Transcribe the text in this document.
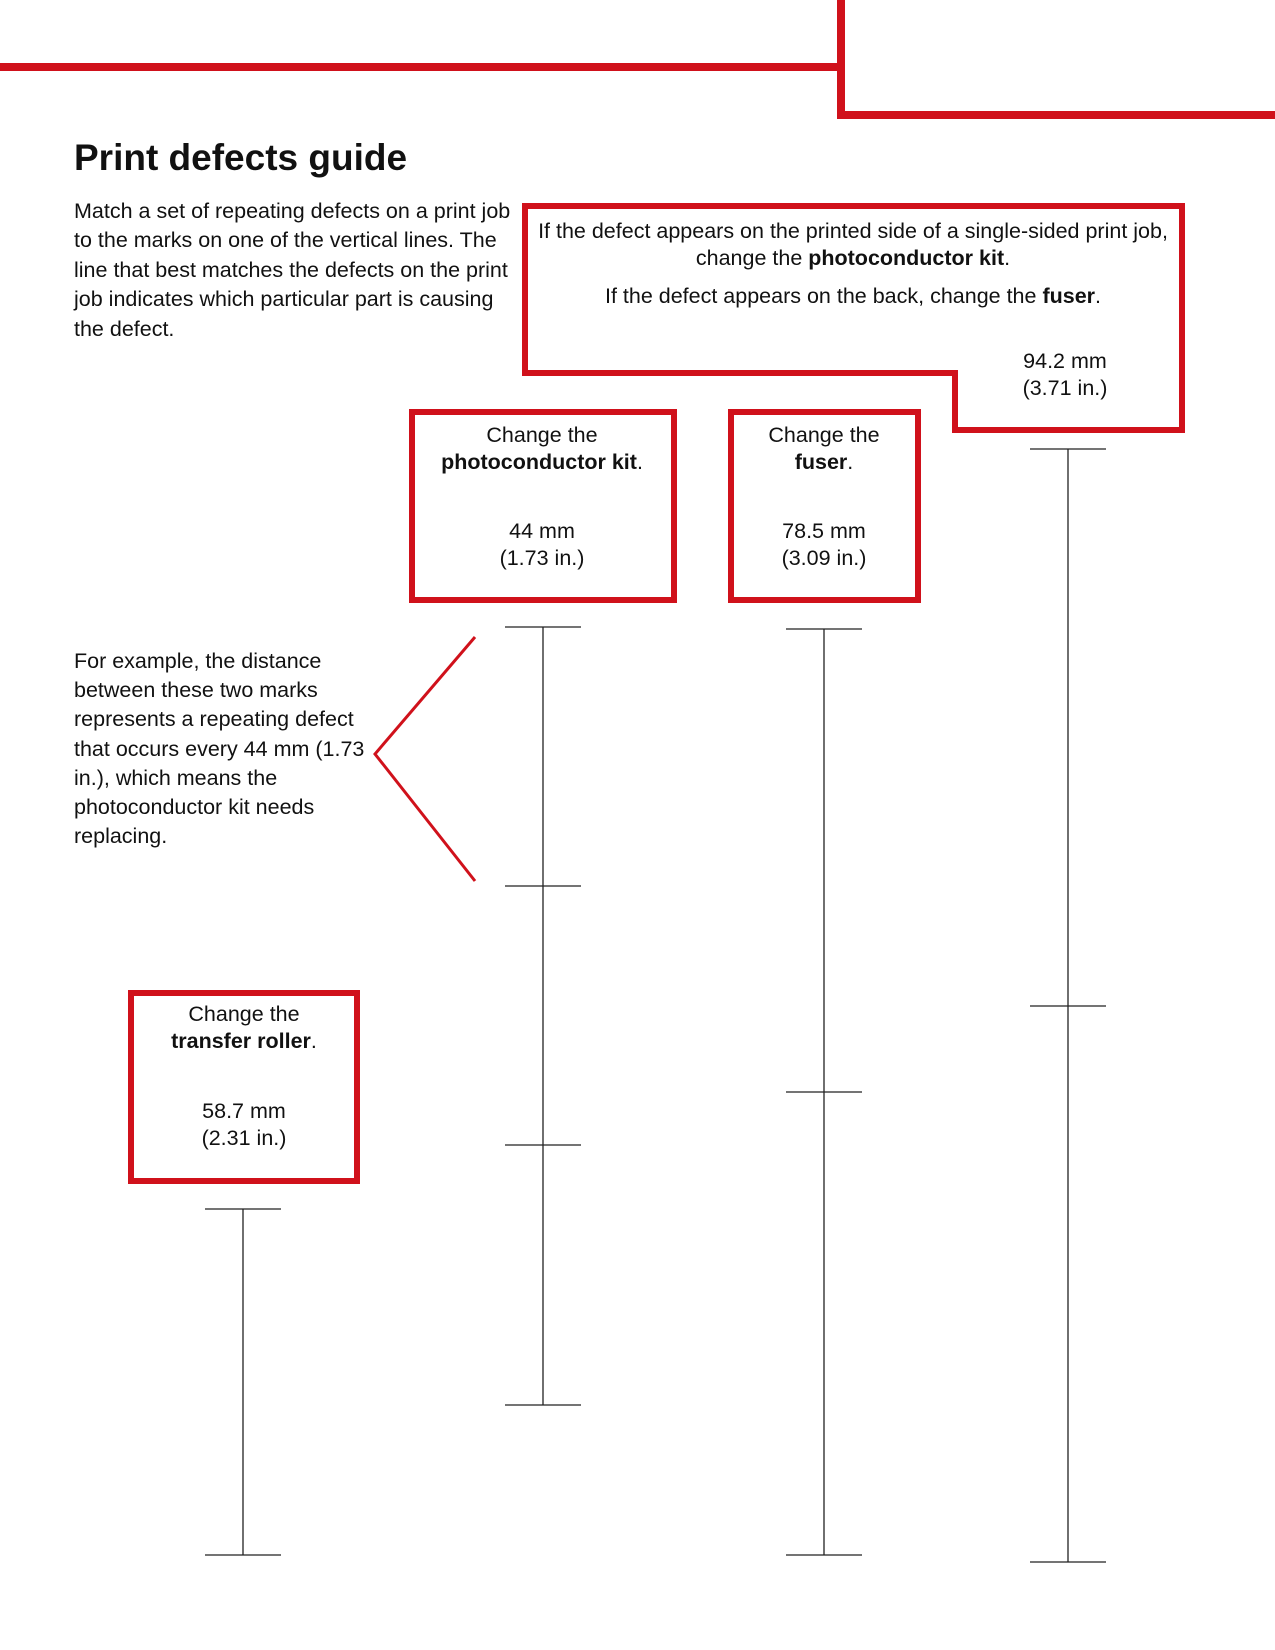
Print defects guide

Match a set of repeating defects on a print job to the marks on one of the vertical lines. The line that best matches the defects on the print job indicates which particular part is causing the defect.

For example, the distance between these two marks represents a repeating defect that occurs every 44 mm (1.73 in.), which means the photoconductor kit needs replacing.

If the defect appears on the printed side of a single-sided print job, change the photoconductor kit.
If the defect appears on the back, change the fuser.
94.2 mm
(3.71 in.)
Change the
photoconductor kit.
44 mm
(1.73 in.)
Change the
fuser.
78.5 mm
(3.09 in.)
Change the
transfer roller.
58.7 mm
(2.31 in.)
